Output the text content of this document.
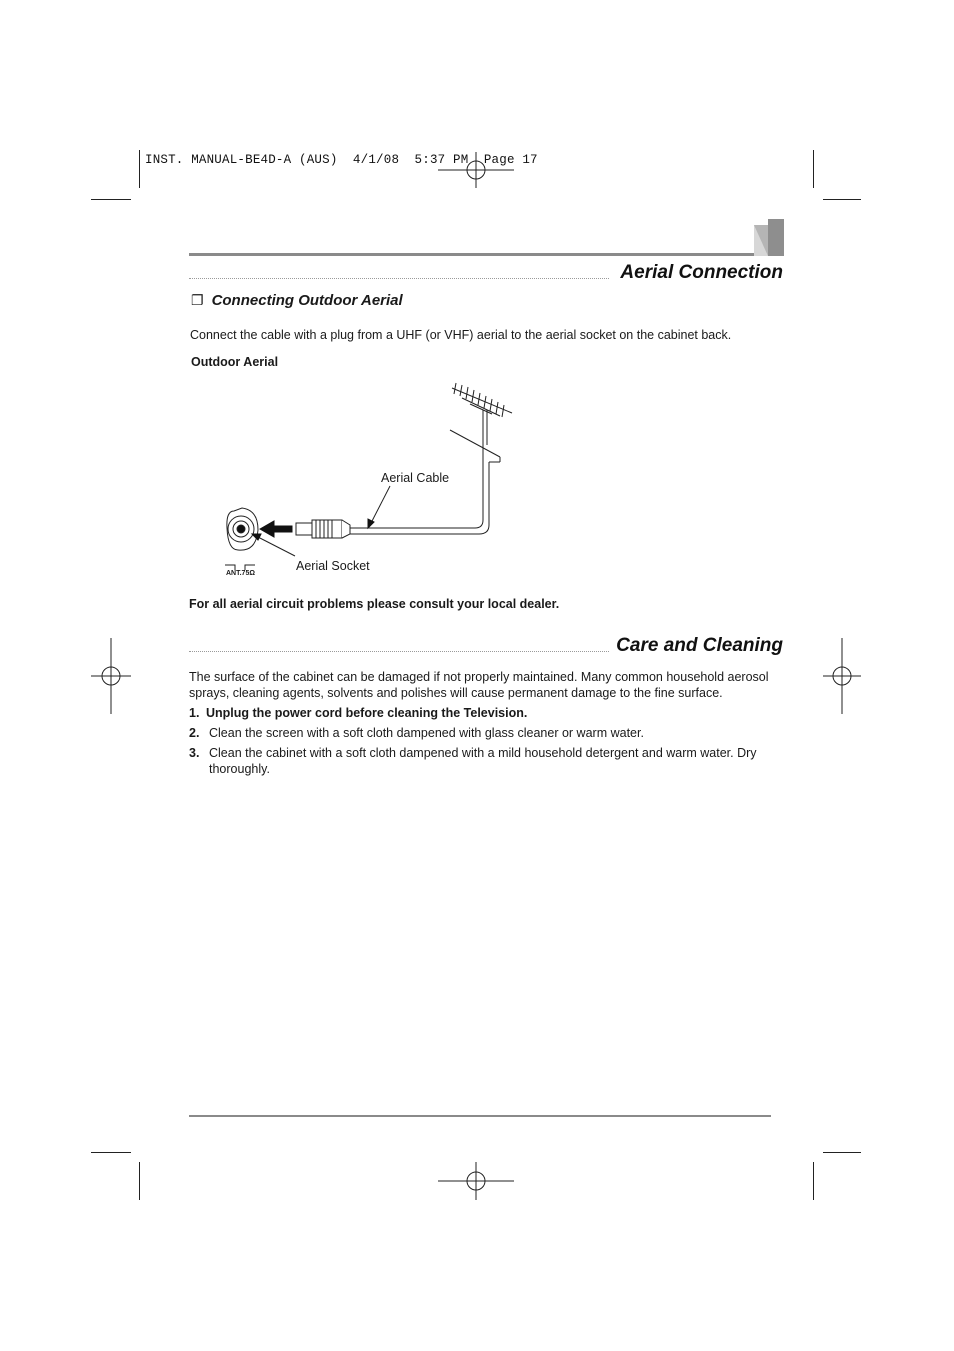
INST. MANUAL-BE4D-A (AUS)  4/1/08  5:37 PM  Page 17
Aerial Connection
❐ Connecting Outdoor Aerial
Connect the cable with a plug from a UHF (or VHF) aerial to the aerial socket on the cabinet back.
Outdoor Aerial
Aerial Cable
Aerial Socket
ANT.75Ω
For all aerial circuit problems please consult your local dealer.
Care and Cleaning
The surface of the cabinet can be damaged if not properly maintained. Many common household aerosol sprays, cleaning agents, solvents and polishes will cause permanent damage to the fine surface.
1. Unplug the power cord before cleaning the Television.
2. Clean the screen with a soft cloth dampened with glass cleaner or warm water.
3. Clean the cabinet with a soft cloth dampened with a mild household detergent and warm water. Dry thoroughly.
